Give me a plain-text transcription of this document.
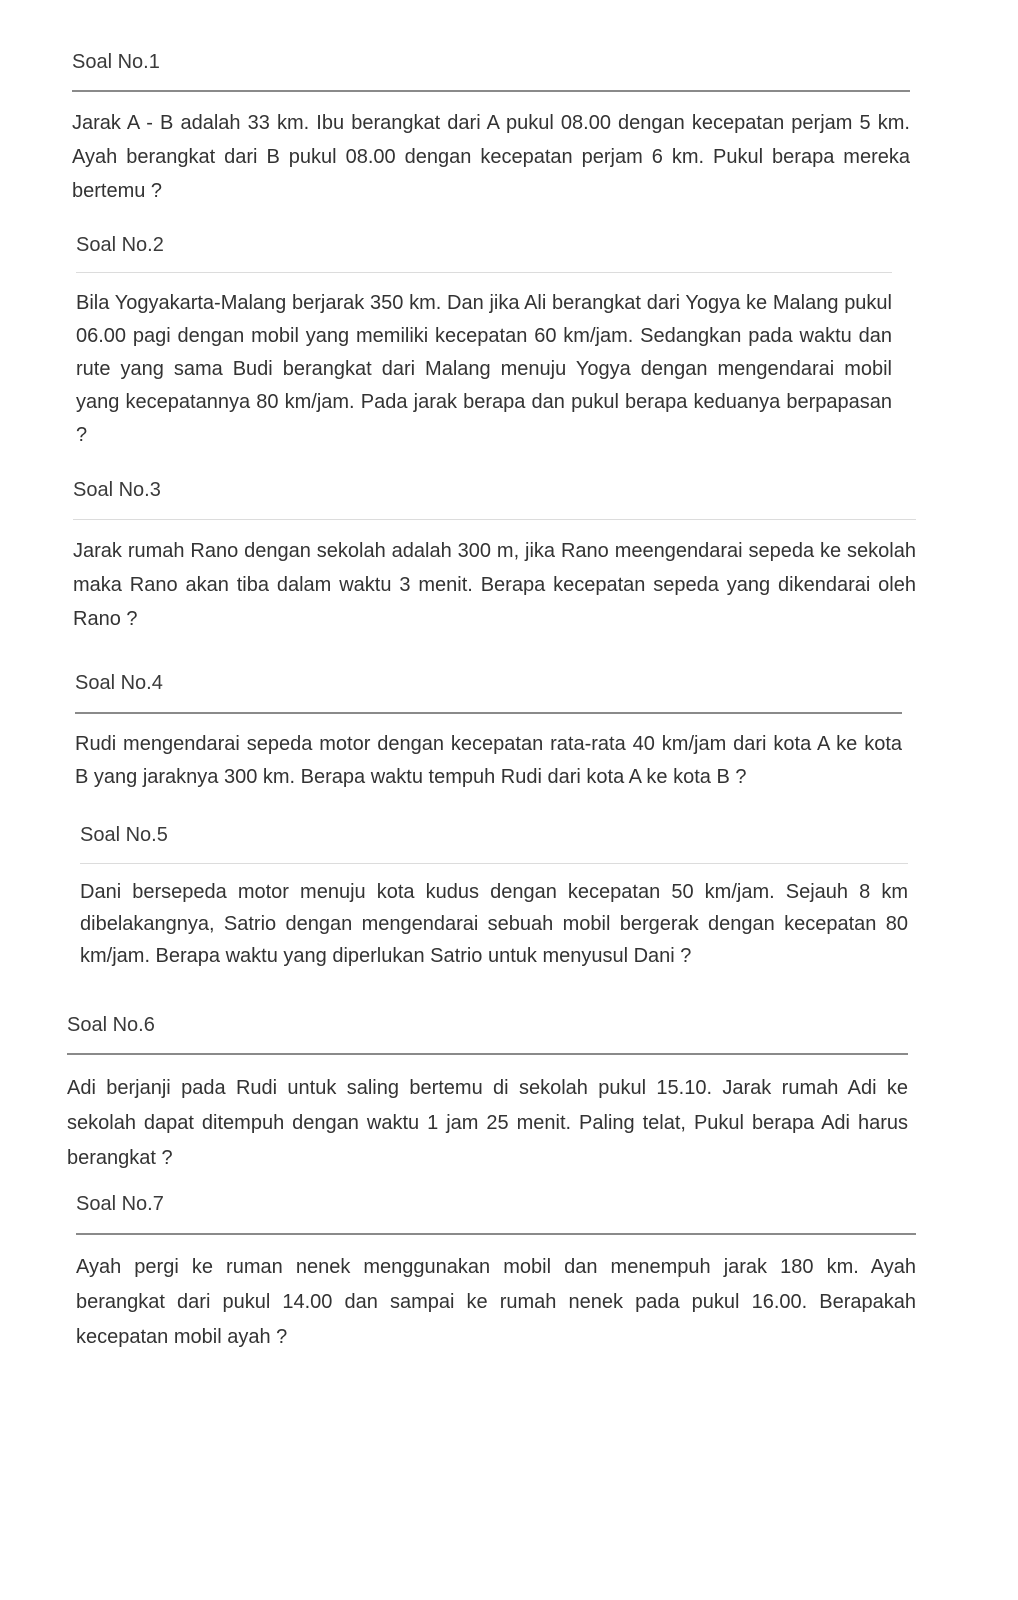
Soal No.1

Jarak A - B adalah 33 km. Ibu berangkat dari A pukul 08.00 dengan kecepatan perjam 5 km. Ayah berangkat dari B pukul 08.00 dengan kecepatan perjam 6 km. Pukul berapa mereka bertemu ?

Soal No.2

Bila Yogyakarta-Malang berjarak 350 km. Dan jika Ali berangkat dari Yogya ke Malang pukul 06.00 pagi dengan mobil yang memiliki kecepatan 60 km/jam. Sedangkan pada waktu dan rute yang sama Budi berangkat dari Malang menuju Yogya dengan mengendarai mobil yang kecepatannya 80 km/jam. Pada jarak berapa dan pukul berapa keduanya berpapasan ?

Soal No.3

Jarak rumah Rano dengan sekolah adalah 300 m, jika Rano meengendarai sepeda ke sekolah maka Rano akan tiba dalam waktu 3 menit. Berapa kecepatan sepeda yang dikendarai oleh Rano ?

Soal No.4

Rudi mengendarai sepeda motor dengan kecepatan rata-rata 40 km/jam dari kota A ke kota B yang jaraknya 300 km. Berapa waktu tempuh Rudi dari kota A ke kota B ?

Soal No.5

Dani bersepeda motor menuju kota kudus dengan kecepatan 50 km/jam. Sejauh 8 km dibelakangnya, Satrio dengan mengendarai sebuah mobil bergerak dengan kecepatan 80 km/jam. Berapa waktu yang diperlukan Satrio untuk menyusul Dani ?

Soal No.6

Adi berjanji pada Rudi untuk saling bertemu di sekolah pukul 15.10. Jarak rumah Adi ke sekolah dapat ditempuh dengan waktu 1 jam 25 menit. Paling telat, Pukul berapa Adi harus berangkat ?

Soal No.7

Ayah pergi ke ruman nenek menggunakan mobil dan menempuh jarak 180 km. Ayah berangkat dari pukul 14.00 dan sampai ke rumah nenek pada pukul 16.00. Berapakah kecepatan mobil ayah ?
